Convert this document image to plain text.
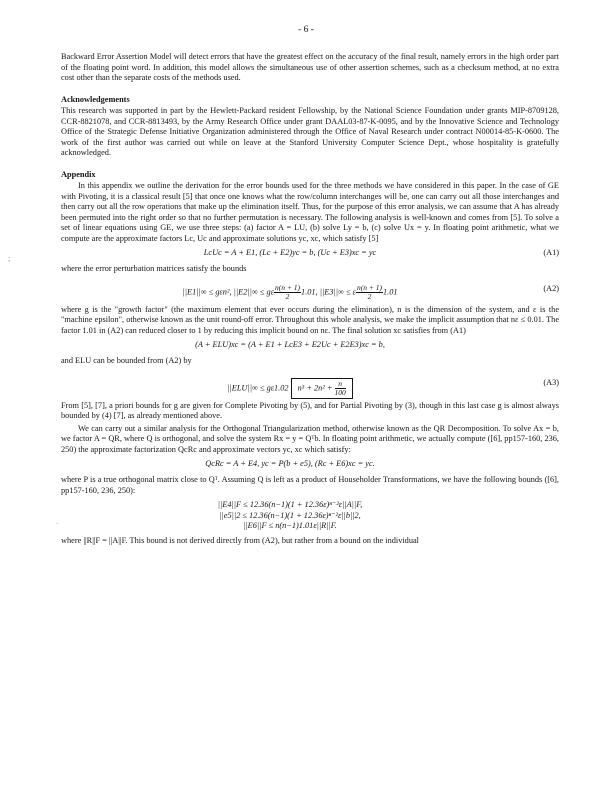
- 6 -
;
·

Backward Error Assertion Model will detect errors that have the greatest effect on the accuracy of the final result, namely errors in the high order part of the floating point word. In addition, this model allows the simultaneous use of other assertion schemes, such as a checksum method, at no extra cost other than the separate costs of the methods used.

Acknowledgements

This research was supported in part by the Hewlett-Packard resident Fellowship, by the National Science Foundation under grants MIP-8709128, CCR-8821078, and CCR-8813493, by the Army Research Office under grant DAAL03-87-K-0095, and by the Innovative Science and Technology Office of the Strategic Defense Initiative Organization administered through the Office of Naval Research under contract N00014-85-K-0600. The work of the first author was carried out while on leave at the Stanford University Computer Science Dept., whose hospitality is gratefully acknowledged.

Appendix

In this appendix we outline the derivation for the error bounds used for the three methods we have considered in this paper. In the case of GE with Pivoting, it is a classical result [5] that once one knows what the row/column interchanges will be, one can carry out all those interchanges and then carry out all the row operations that make up the elimination itself. Thus, for the purpose of this error analysis, we can assume that A has already been permuted into the right order so that no further permutation is necessary. The following analysis is well-known and comes from [5]. To solve a set of linear equations using GE, we use three steps: (a) factor A = LU, (b) solve Ly = b, (c) solve Ux = y. In floating point arithmetic, what we compute are the approximate factors Lc, Uc and approximate solutions yc, xc, which satisfy [5]

LcUc = A + E1, (Lc + E2)yc = b, (Uc + E3)xc = yc	(A1)

where the error perturbation matrices satisfy the bounds

||E1||∞ ≤ gεn², ||E2||∞ ≤ gε $\frac{n(n + 1)}{2} 1.01$, ||E3||∞ ≤ ε $\frac{n(n + 1)}{2} 1.01$	(A2)

where g is the "growth factor" (the maximum element that ever occurs during the elimination), n is the dimension of the system, and ε is the "machine epsilon", otherwise known as the unit round-off error. Throughout this whole analysis, we make the implicit assumption that nε ≤ 0.01. The factor 1.01 in (A2) can reduced closer to 1 by reducing this implicit bound on nε. The final solution xc satisfies from (A1)

(A + ELU)xc = (A + E1 + LcE3 + E2Uc + E2E3)xc = b,

and ELU can be bounded from (A2) by

||ELU||∞ ≤ gε1.02 $n^3 + 2n^2 + \frac{n}{100}$	(A3)

From [5], [7], a priori bounds for g are given for Complete Pivoting by (5), and for Partial Pivoting by (3), though in this last case g is almost always bounded by (4) [7], as already mentioned above.

We can carry out a similar analysis for the Orthogonal Triangularization method, otherwise known as the QR Decomposition. To solve Ax = b, we factor A = QR, where Q is orthogonal, and solve the system Rx = y = Qᵀb. In floating point arithmetic, we actually compute ([6], pp157-160, 236, 250) the approximate factorization QcRc and approximate vectors yc, xc which satisfy:

QcRc = A + E4, yc = P(b + e5), (Rc + E6)xc = yc.

where P is a true orthogonal matrix close to Qᵀ. Assuming Q is left as a product of Householder Transformations, we have the following bounds ([6], pp157-160, 236, 250):

||E4||F ≤ 12.36(n−1)(1 + 12.36ε)ⁿ⁻²ε||A||F,
||e5||2 ≤ 12.36(n−1)(1 + 12.36ε)ⁿ⁻²ε||b||2,
||E6||F ≤ n(n−1)1.01ε||R||F.

where ||R||F = ||A||F. This bound is not derived directly from (A2), but rather from a bound on the individual
